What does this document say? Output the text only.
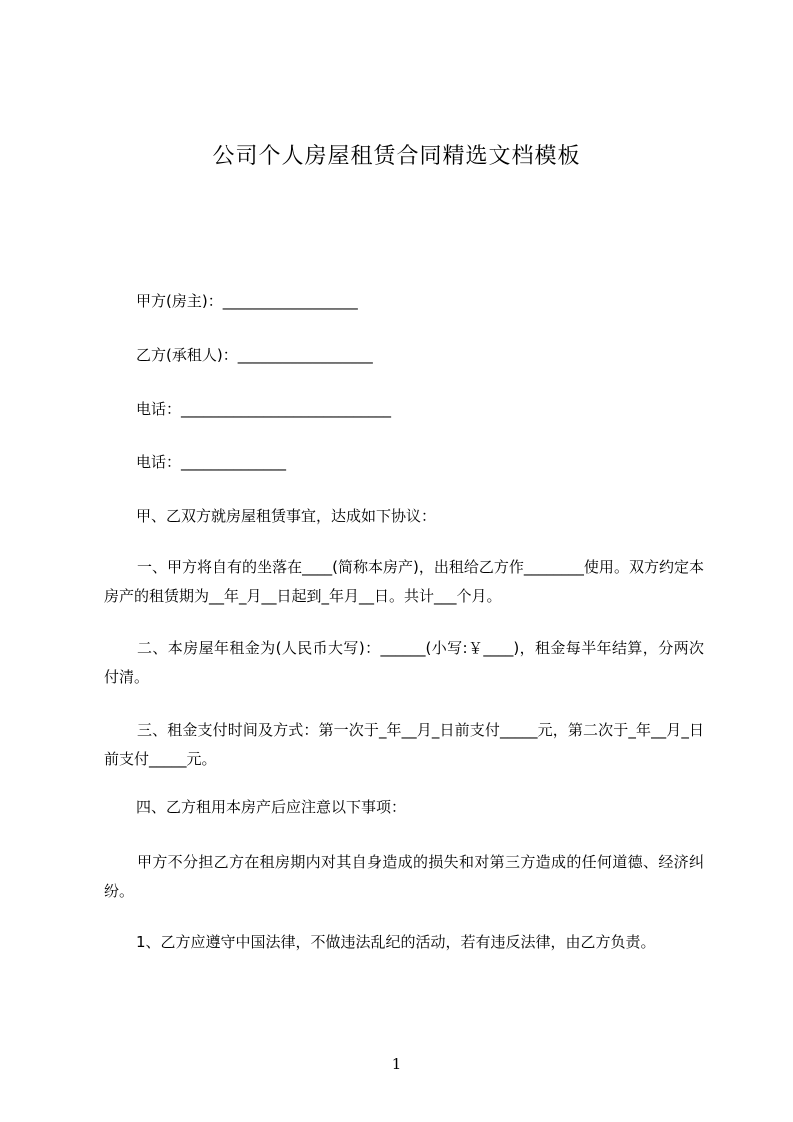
公司个人房屋租赁合同精选文档模板
甲方(房主)：__________________
乙方(承租人)：__________________
电话：____________________________
电话：______________
甲、乙双方就房屋租赁事宜，达成如下协议：
一、甲方将自有的坐落在____(简称本房产)，出租给乙方作________使用。双方约定本房产的租赁期为__年_月__日起到_年月__日。共计___个月。
二、本房屋年租金为(人民币大写)：______(小写:￥____)，租金每半年结算，分两次付清。
三、租金支付时间及方式：第一次于_年__月_日前支付_____元，第二次于_年__月_日前支付_____元。
四、乙方租用本房产后应注意以下事项：
甲方不分担乙方在租房期内对其自身造成的损失和对第三方造成的任何道德、经济纠纷。
1、乙方应遵守中国法律，不做违法乱纪的活动，若有违反法律，由乙方负责。
1
